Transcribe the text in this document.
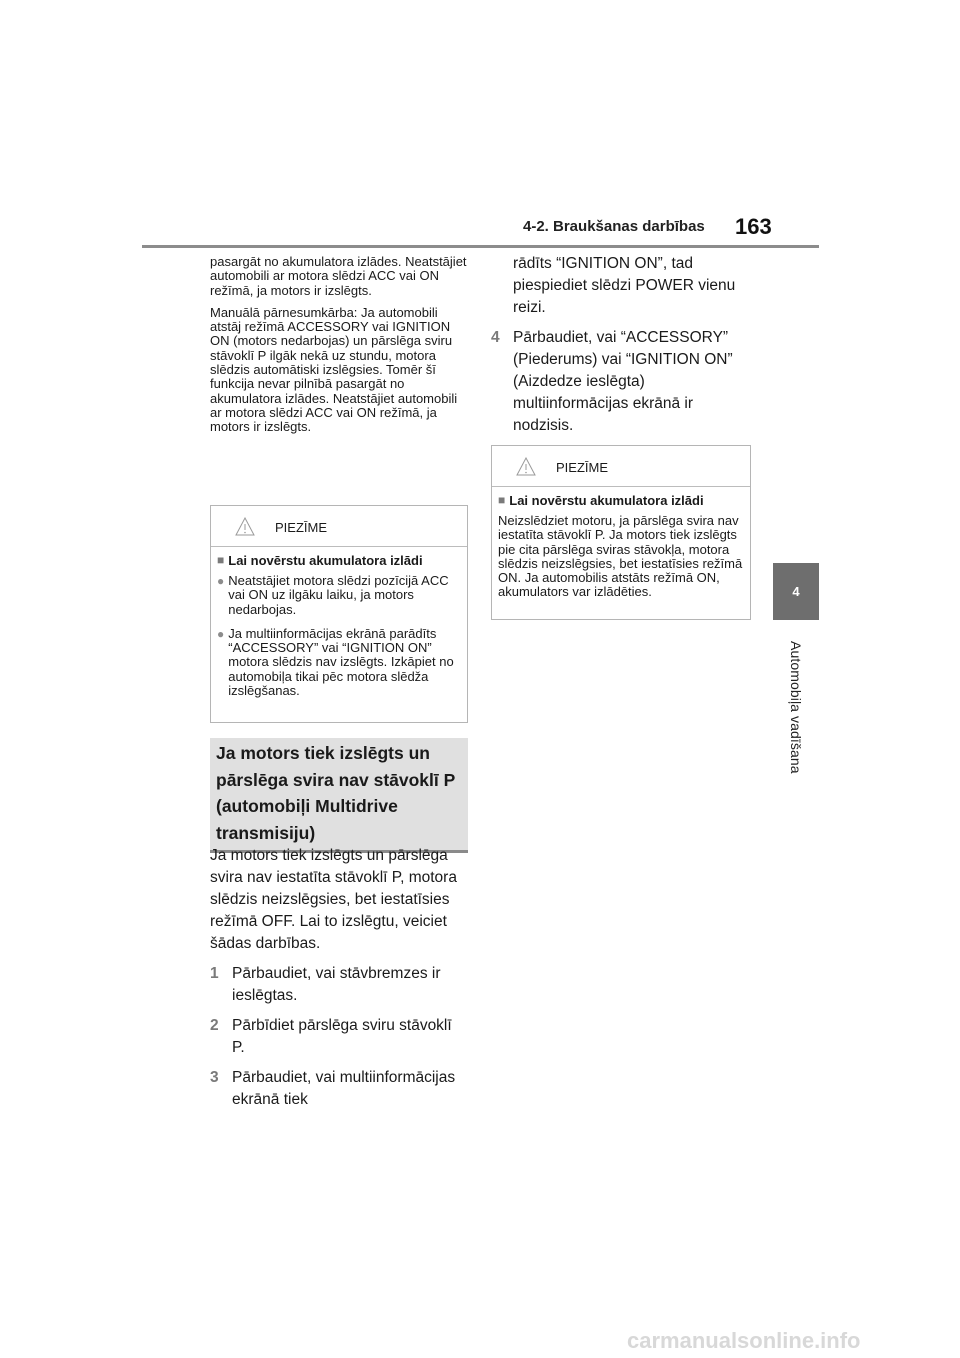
4-2. Braukšanas darbības 163
4
Automobiļa vadīšana

pasargāt no akumulatora izlādes. Neatstājiet automobili ar motora slēdzi ACC vai ON režīmā, ja motors ir izslēgts.

Manuālā pārnesumkārba: Ja automobili atstāj režīmā ACCESSORY vai IGNITION ON (motors nedarbojas) un pārslēga sviru stāvoklī P ilgāk nekā uz stundu, motora slēdzis automātiski izslēgsies. Tomēr šī funkcija nevar pilnībā pasargāt no akumulatora izlādes. Neatstājiet automobili ar motora slēdzi ACC vai ON režīmā, ja motors ir izslēgts.

PIEZĪME
■ Lai novērstu akumulatora izlādi
● Neatstājiet motora slēdzi pozīcijā ACC vai ON uz ilgāku laiku, ja motors nedarbojas.
● Ja multiinformācijas ekrānā parādīts “ACCESSORY” vai “IGNITION ON” motora slēdzis nav izslēgts. Izkāpiet no automobiļa tikai pēc motora slēdža izslēgšanas.
Ja motors tiek izslēgts un pārslēga svira nav stāvoklī P (automobiļi Multidrive transmisiju)

Ja motors tiek izslēgts un pārslēga svira nav iestatīta stāvoklī P, motora slēdzis neizslēgsies, bet iestatīsies režīmā OFF. Lai to izslēgtu, veiciet šādas darbības.

1 Pārbaudiet, vai stāvbremzes ir ieslēgtas.
2 Pārbīdiet pārslēga sviru stāvoklī P.
3 Pārbaudiet, vai multiinformācijas ekrānā tiek
rādīts “IGNITION ON”, tad piespiediet slēdzi POWER vienu reizi.
4 Pārbaudiet, vai “ACCESSORY” (Piederums) vai “IGNITION ON” (Aizdedze ieslēgta) multiinformācijas ekrānā ir nodzisis.
PIEZĪME
■ Lai novērstu akumulatora izlādi

Neizslēdziet motoru, ja pārslēga svira nav iestatīta stāvoklī P. Ja motors tiek izslēgts pie cita pārslēga sviras stāvokļa, motora slēdzis neizslēgsies, bet iestatīsies režīmā ON. Ja automobilis atstāts režīmā ON, akumulators var izlādēties.

carmanualsonline.info
